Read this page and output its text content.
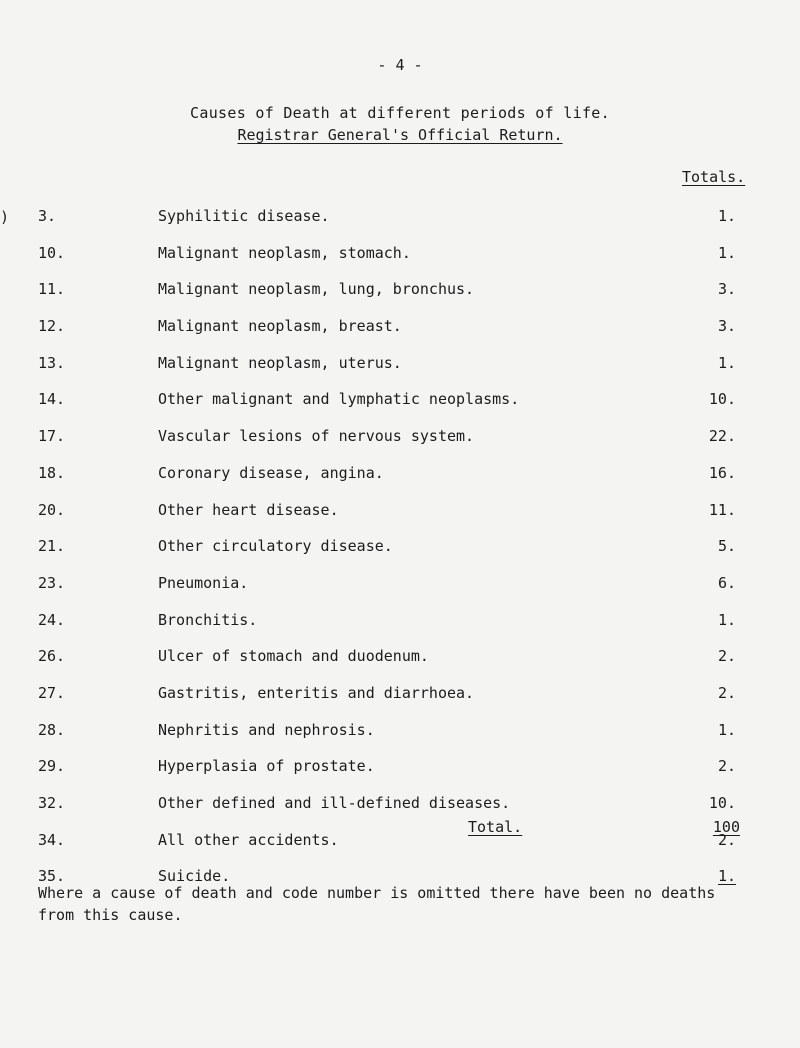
- 4 -
Causes of Death at different periods of life.
Registrar General's Official Return.
Totals.
) 3.	Syphilitic disease.	1.
10.	Malignant neoplasm, stomach.	1.
11.	Malignant neoplasm, lung, bronchus.	3.
12.	Malignant neoplasm, breast.	3.
13.	Malignant neoplasm, uterus.	1.
14.	Other malignant and lymphatic neoplasms.	10.
17.	Vascular lesions of nervous system.	22.
18.	Coronary disease, angina.	16.
20.	Other heart disease.	11.
21.	Other circulatory disease.	5.
23.	Pneumonia.	6.
24.	Bronchitis.	1.
26.	Ulcer of stomach and duodenum.	2.
27.	Gastritis, enteritis and diarrhoea.	2.
28.	Nephritis and nephrosis.	1.
29.	Hyperplasia of prostate.	2.
32.	Other defined and ill-defined diseases.	10.
34.	All other accidents.	2.
35.	Suicide.	1.
Total.	100
Where a cause of death and code number is omitted there have been no deaths from this cause.
